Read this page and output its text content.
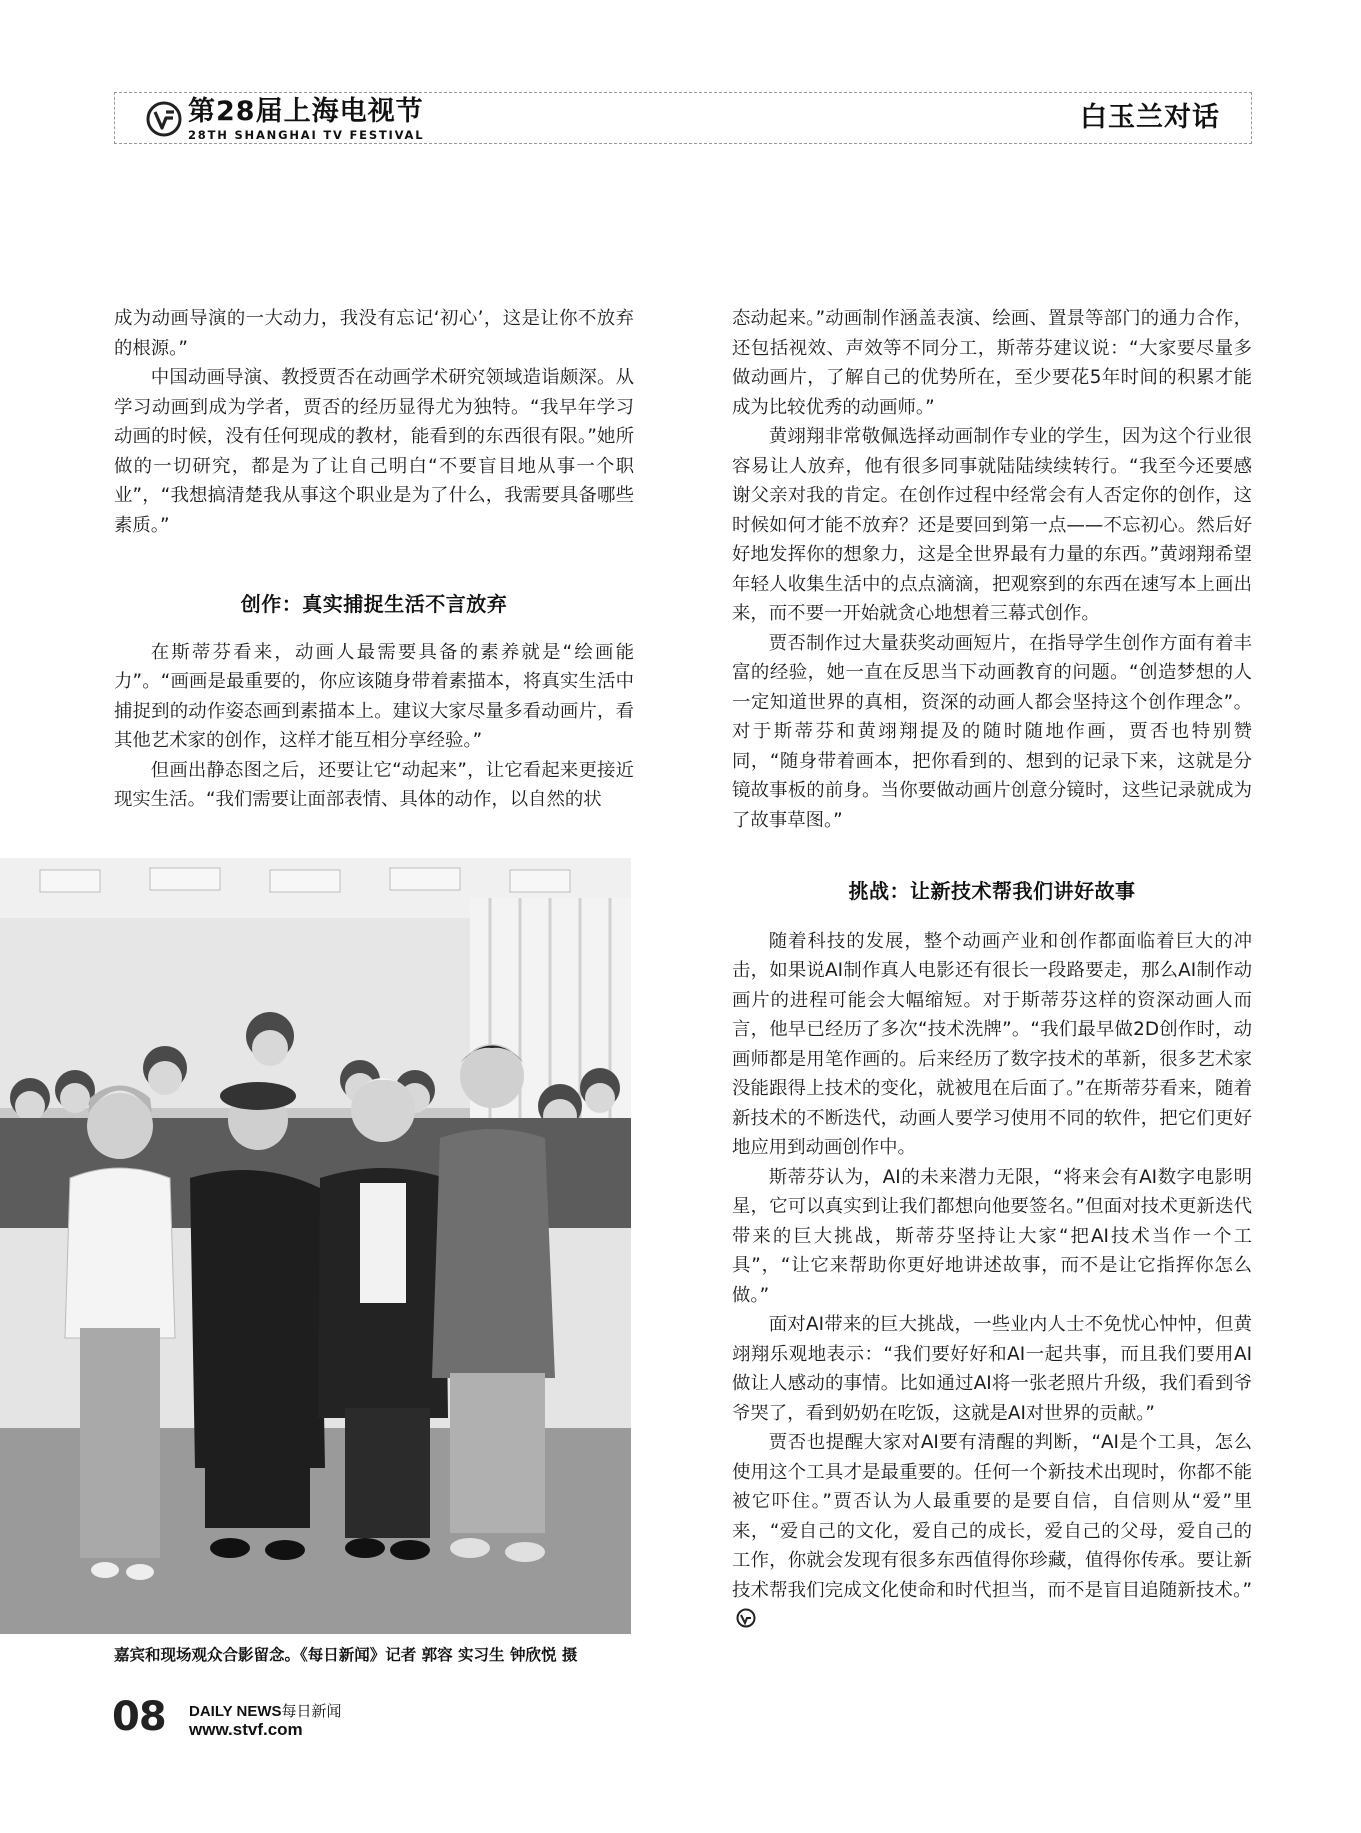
第28届上海电视节
28TH SHANGHAI TV FESTIVAL
白玉兰对话

成为动画导演的一大动力，我没有忘记‘初心’，这是让你不放弃的根源。”

中国动画导演、教授贾否在动画学术研究领域造诣颇深。从学习动画到成为学者，贾否的经历显得尤为独特。“我早年学习动画的时候，没有任何现成的教材，能看到的东西很有限。”她所做的一切研究，都是为了让自己明白“不要盲目地从事一个职业”，“我想搞清楚我从事这个职业是为了什么，我需要具备哪些素质。”

创作：真实捕捉生活不言放弃

在斯蒂芬看来，动画人最需要具备的素养就是“绘画能力”。“画画是最重要的，你应该随身带着素描本，将真实生活中捕捉到的动作姿态画到素描本上。建议大家尽量多看动画片，看其他艺术家的创作，这样才能互相分享经验。”

但画出静态图之后，还要让它“动起来”，让它看起来更接近现实生活。“我们需要让面部表情、具体的动作，以自然的状

态动起来。”动画制作涵盖表演、绘画、置景等部门的通力合作，还包括视效、声效等不同分工，斯蒂芬建议说：“大家要尽量多做动画片，了解自己的优势所在，至少要花5年时间的积累才能成为比较优秀的动画师。”

黄翊翔非常敬佩选择动画制作专业的学生，因为这个行业很容易让人放弃，他有很多同事就陆陆续续转行。“我至今还要感谢父亲对我的肯定。在创作过程中经常会有人否定你的创作，这时候如何才能不放弃？还是要回到第一点——不忘初心。然后好好地发挥你的想象力，这是全世界最有力量的东西。”黄翊翔希望年轻人收集生活中的点点滴滴，把观察到的东西在速写本上画出来，而不要一开始就贪心地想着三幕式创作。

贾否制作过大量获奖动画短片，在指导学生创作方面有着丰富的经验，她一直在反思当下动画教育的问题。“创造梦想的人一定知道世界的真相，资深的动画人都会坚持这个创作理念”。对于斯蒂芬和黄翊翔提及的随时随地作画，贾否也特别赞同，“随身带着画本，把你看到的、想到的记录下来，这就是分镜故事板的前身。当你要做动画片创意分镜时，这些记录就成为了故事草图。”

挑战：让新技术帮我们讲好故事

随着科技的发展，整个动画产业和创作都面临着巨大的冲击，如果说AI制作真人电影还有很长一段路要走，那么AI制作动画片的进程可能会大幅缩短。对于斯蒂芬这样的资深动画人而言，他早已经历了多次“技术洗牌”。“我们最早做2D创作时，动画师都是用笔作画的。后来经历了数字技术的革新，很多艺术家没能跟得上技术的变化，就被甩在后面了。”在斯蒂芬看来，随着新技术的不断迭代，动画人要学习使用不同的软件，把它们更好地应用到动画创作中。

斯蒂芬认为，AI的未来潜力无限，“将来会有AI数字电影明星，它可以真实到让我们都想向他要签名。”但面对技术更新迭代带来的巨大挑战，斯蒂芬坚持让大家“把AI技术当作一个工具”，“让它来帮助你更好地讲述故事，而不是让它指挥你怎么做。”

面对AI带来的巨大挑战，一些业内人士不免忧心忡忡，但黄翊翔乐观地表示：“我们要好好和AI一起共事，而且我们要用AI做让人感动的事情。比如通过AI将一张老照片升级，我们看到爷爷哭了，看到奶奶在吃饭，这就是AI对世界的贡献。”

贾否也提醒大家对AI要有清醒的判断，“AI是个工具，怎么使用这个工具才是最重要的。任何一个新技术出现时，你都不能被它吓住。”贾否认为人最重要的是要自信，自信则从“爱”里来，“爱自己的文化，爱自己的成长，爱自己的父母，爱自己的工作，你就会发现有很多东西值得你珍藏，值得你传承。要让新技术帮我们完成文化使命和时代担当，而不是盲目追随新技术。”

嘉宾和现场观众合影留念。《每日新闻》记者 郭容 实习生 钟欣悦 摄
08 DAILY NEWS每日新闻
www.stvf.com
